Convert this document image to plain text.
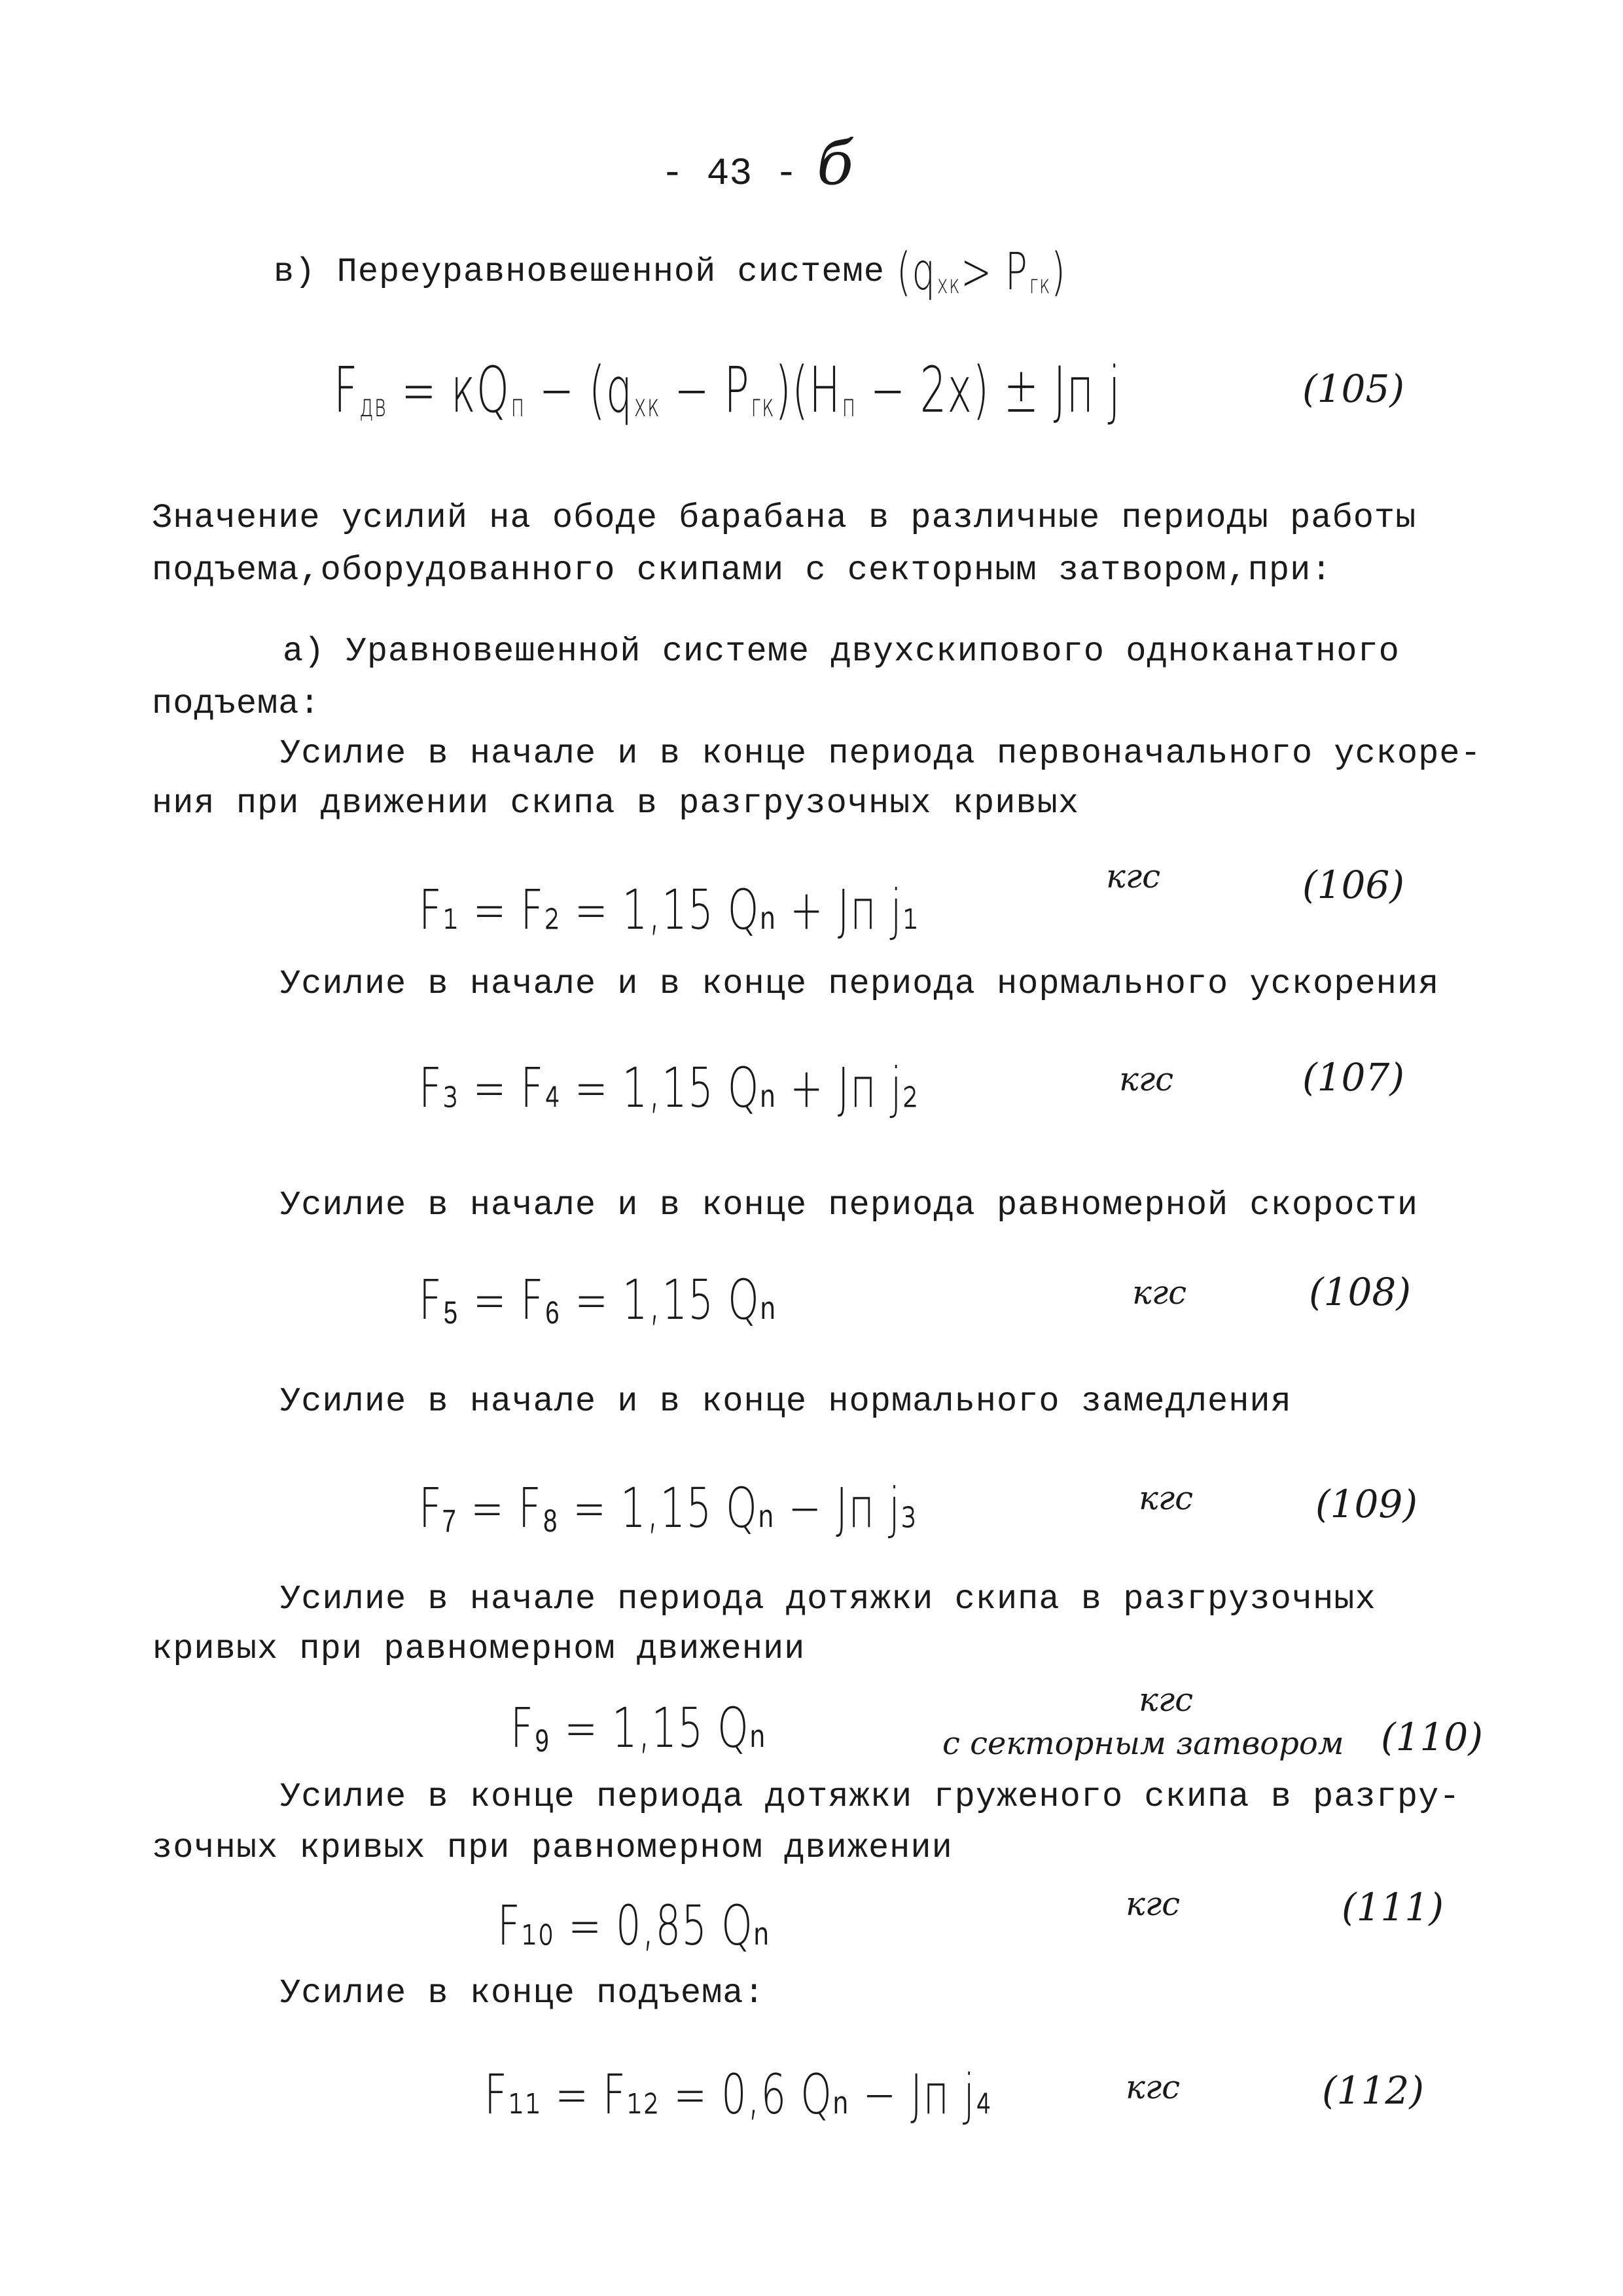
- 43 - б
в) Переуравновешенной системе $(q_{хк}> Р_{гк})$
$F_{дв} = кQ_п - (q_{хк} - Р_{гк})(Н_п - 2х)$ ± Jп j	(105)
Значение усилий на ободе барабана в различные периоды работы
подъема,оборудованного скипами с секторным затвором,при:
а) Уравновешенной системе двухскипового одноканатного
подъема:
Усилие в начале и в конце периода первоначального ускоре-
ния при движении скипа в разгрузочных кривых
F₁ = F₂ = 1,15 Qₙ + Jп j₁
кгс	(106)
Усилие в начале и в конце периода нормального ускорения
F₃ = F₄ = 1,15 Qₙ + Jп j₂	кгс	(107)
Усилие в начале и в конце периода равномерной скорости
F₅ = F₆ = 1,15 Qₙ	кгс	(108)
Усилие в начале и в конце нормального замедления
F₇ = F₈ = 1,15 Qₙ − Jп j₃	кгс	(109)
Усилие в начале периода дотяжки скипа в разгрузочных
кривых при равномерном движении
F₉ = 1,15 Qₙ	кгс
с секторным затвором (110)
Усилие в конце периода дотяжки груженого скипа в разгру-
зочных кривых при равномерном движении
F₁₀ = 0,85 Qₙ	кгс	(111)
Усилие в конце подъема:
F₁₁ = F₁₂ = 0,6 Qₙ − Jп j₄	кгс	(112)
